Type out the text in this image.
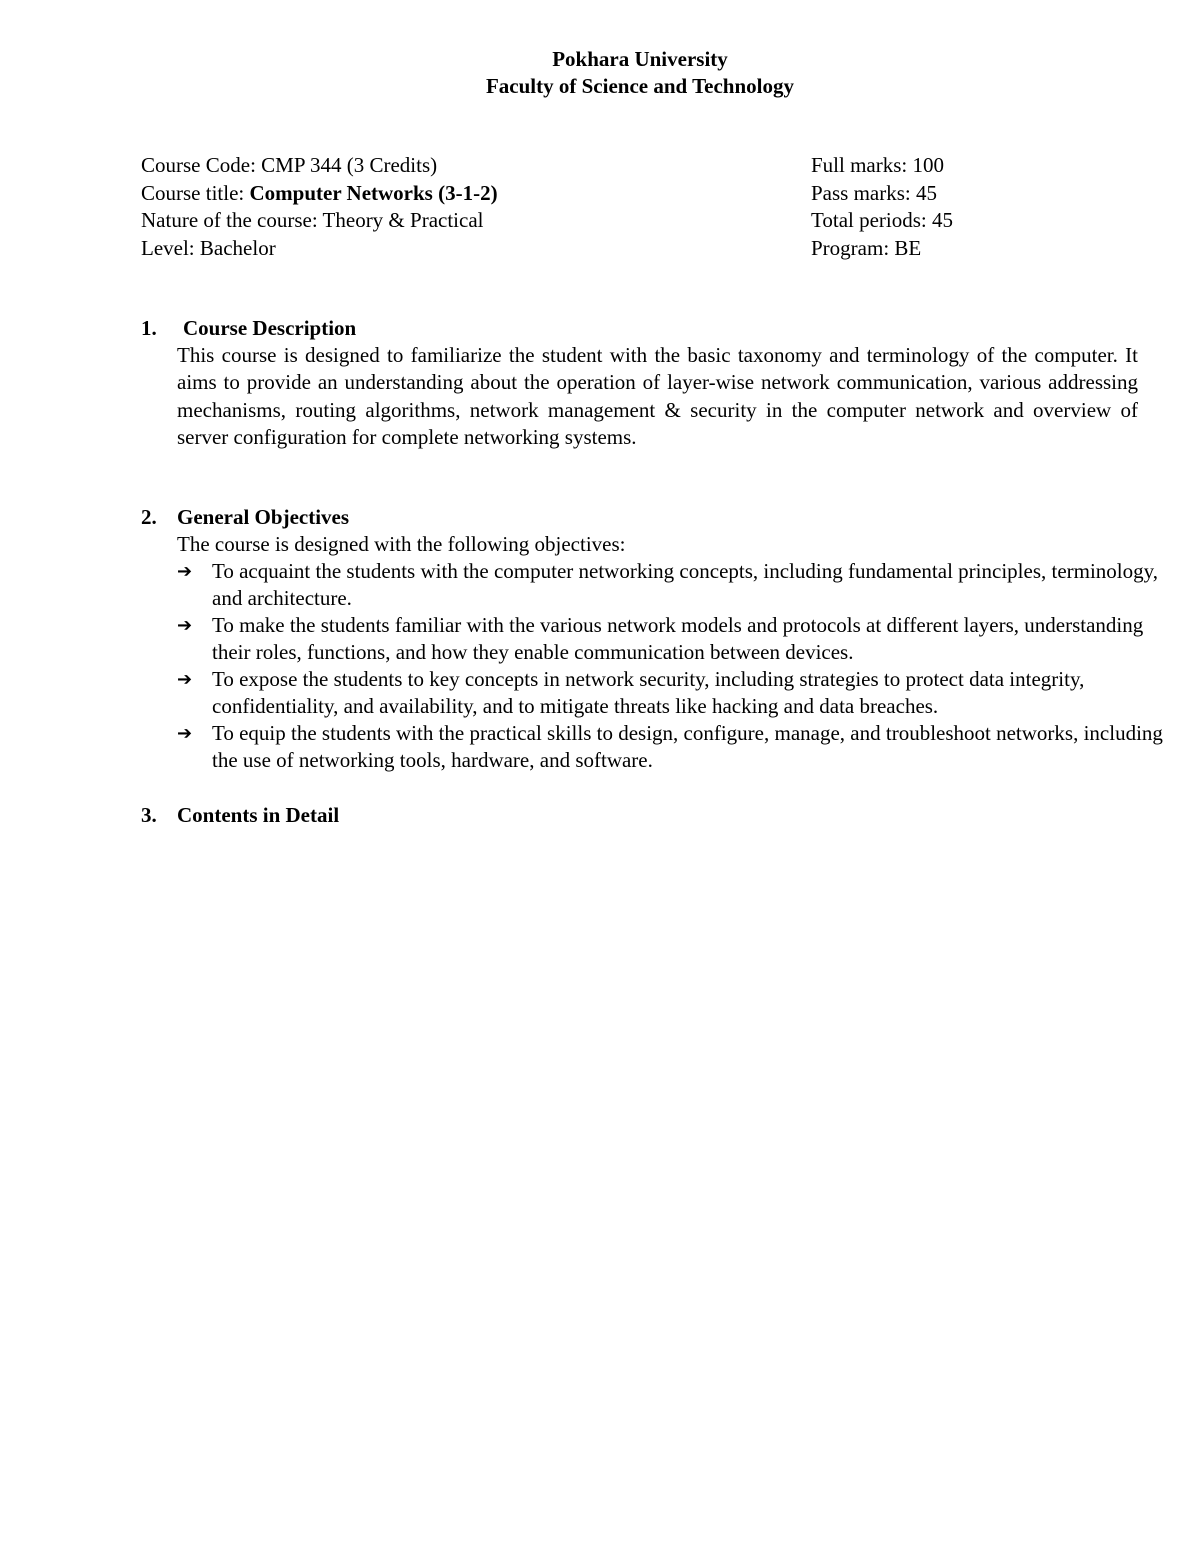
Pokhara University
Faculty of Science and Technology
Course Code: CMP 344 (3 Credits)
Course title: Computer Networks (3-1-2)
Nature of the course: Theory & Practical
Level: Bachelor
Full marks: 100
Pass marks: 45
Total periods: 45
Program: BE
1. Course Description
This course is designed to familiarize the student with the basic taxonomy and terminology of the computer. It aims to provide an understanding about the operation of layer-wise network communication, various addressing mechanisms, routing algorithms, network management & security in the computer network and overview of server configuration for complete networking systems.
2. General Objectives
The course is designed with the following objectives:
➔ To acquaint the students with the computer networking concepts, including fundamental principles, terminology, and architecture.
➔ To make the students familiar with the various network models and protocols at different layers, understanding their roles, functions, and how they enable communication between devices.
➔ To expose the students to key concepts in network security, including strategies to protect data integrity, confidentiality, and availability, and to mitigate threats like hacking and data breaches.
➔ To equip the students with the practical skills to design, configure, manage, and troubleshoot networks, including the use of networking tools, hardware, and software.
3. Contents in Detail
